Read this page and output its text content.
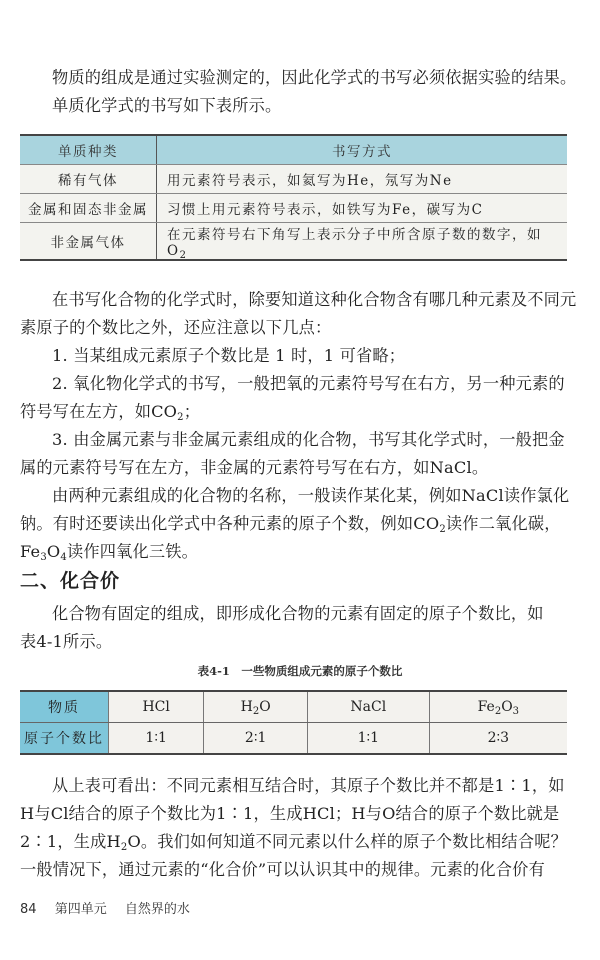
物质的组成是通过实验测定的，因此化学式的书写必须依据实验的结果。

单质化学式的书写如下表所示。

单质种类	书写方式
稀有气体	用元素符号表示，如氦写为He，氖写为Ne
金属和固态非金属	习惯上用元素符号表示，如铁写为Fe，碳写为C
非金属气体	在元素符号右下角写上表示分子中所含原子数的数字，如$O_2$

在书写化合物的化学式时，除要知道这种化合物含有哪几种元素及不同元

素原子的个数比之外，还应注意以下几点：

1. 当某组成元素原子个数比是 1 时，1 可省略；

2. 氧化物化学式的书写，一般把氧的元素符号写在右方，另一种元素的

符号写在左方，如$CO_2$；

3. 由金属元素与非金属元素组成的化合物，书写其化学式时，一般把金

属的元素符号写在左方，非金属的元素符号写在右方，如NaCl。

由两种元素组成的化合物的名称，一般读作某化某，例如NaCl读作氯化

钠。有时还要读出化学式中各种元素的原子个数，例如$CO_2$读作二氧化碳，

$Fe_3O_4$读作四氧化三铁。

二、化合价

化合物有固定的组成，即形成化合物的元素有固定的原子个数比，如

表4-1所示。

表4-1　一些物质组成元素的原子个数比
物质	HCl	$H_2O$	NaCl	$Fe_2O_3$
原子个数比	1∶1	2∶1	1∶1	2∶3

从上表可看出：不同元素相互结合时，其原子个数比并不都是1∶1，如

H与Cl结合的原子个数比为1∶1，生成HCl；H与O结合的原子个数比就是

2∶1，生成$H_2O$。我们如何知道不同元素以什么样的原子个数比相结合呢？

一般情况下，通过元素的“化合价”可以认识其中的规律。元素的化合价有

84 第四单元 自然界的水
